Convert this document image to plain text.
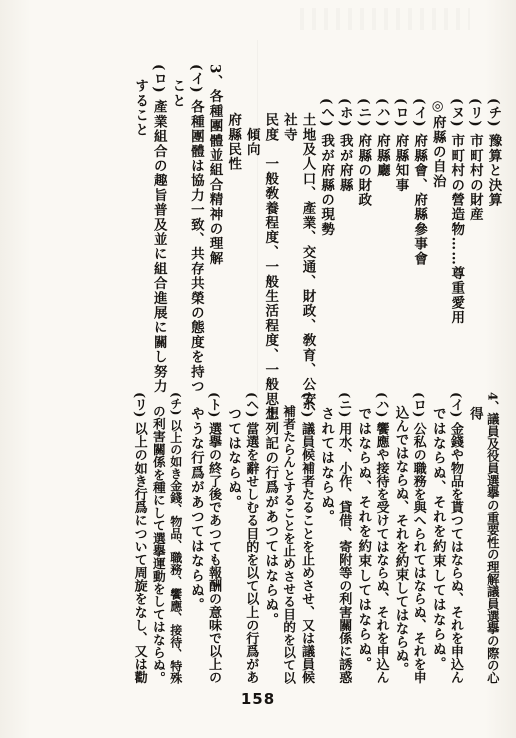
(チ) 豫算と決算
(リ) 市町村の財産
(ヌ) 市町村の營造物……尊重愛用
◎府縣の自治
(イ) 府縣會、府縣參事會
(ロ) 府縣知事
(ハ) 府縣廳
(ニ) 府縣の財政
(ホ) 我が府縣
(へ) 我が府縣の現勢
　土地及人口、產業、交通、財政、敎育、公安、
　社寺
　民度　一般敎養程度、一般生活程度、一般思想
　　傾向
　府縣民性
3、各種團體並組合精神の理解
(イ) 各種團體は協力一致、共存共榮の態度を持つ
　こと
(ロ) 產業組合の趣旨普及並に組合進展に關し努力
　すること
4、議員及役員選擧の重要性の理解議員選擧の際の心
　得
(イ) 金錢や物品を貰つてはならぬ、それを申込ん
　ではならぬ、それを約束してはならぬ。
(ロ) 公私の職務を與へられてはならぬ、それを申
　込んではならぬ、それを約束してはならぬ。
(ハ) 饗應や接待を受けてはならぬ、それを申込ん
　ではならぬ、それを約束してはならぬ。
(ニ) 用水、小作、貸借、寄附等の利害關係に誘惑
　されてはならぬ。
(ホ) 議員候補者たることを止めさせ、又は議員候
　補者たらんとすることを止めさせる目的を以て以
　上列記の行爲があつてはならぬ。
(ヘ) 當選を辭せしむる目的を以て以上の行爲があ
　つてはならぬ。
(ト) 選擧の終了後であつても報酬の意味で以上の
　やうな行爲があつてはならぬ。
(チ) 以上の如き金錢、物品、職務、饗應、接待、特殊
　の利害關係を種にして選擧運動をしてはならぬ。
(リ) 以上の如き行爲について周旋をなし、又は勸
158
